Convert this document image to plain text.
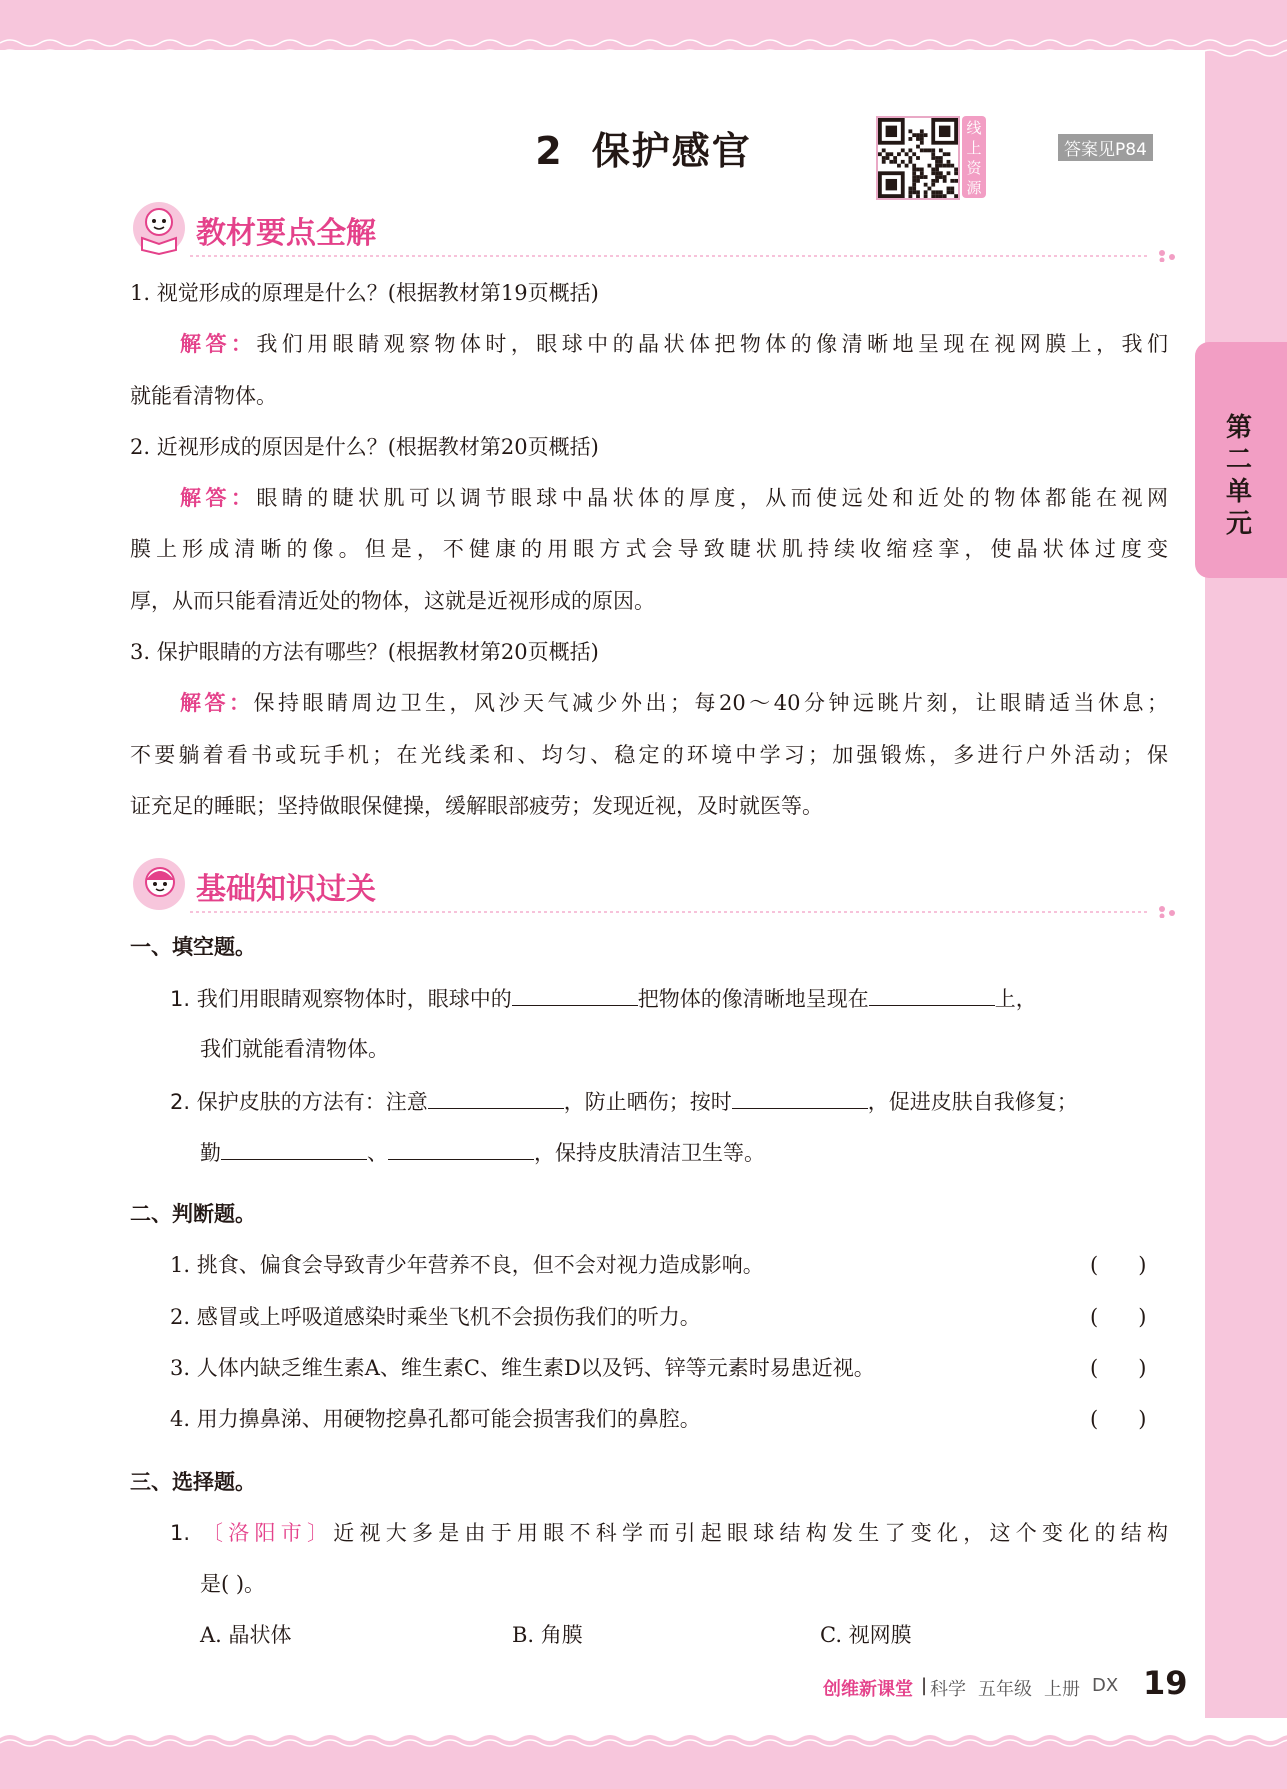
第二单元
2 保护感官
线上资源
答案见P84
教材要点全解
1. 视觉形成的原理是什么？(根据教材第19页概括)
解答：我们用眼睛观察物体时，眼球中的晶状体把物体的像清晰地呈现在视网膜上，我们
就能看清物体。
2. 近视形成的原因是什么？(根据教材第20页概括)
解答：眼睛的睫状肌可以调节眼球中晶状体的厚度，从而使远处和近处的物体都能在视网
膜上形成清晰的像。但是，不健康的用眼方式会导致睫状肌持续收缩痉挛，使晶状体过度变
厚，从而只能看清近处的物体，这就是近视形成的原因。
3. 保护眼睛的方法有哪些？(根据教材第20页概括)
解答：保持眼睛周边卫生，风沙天气减少外出；每20～40分钟远眺片刻，让眼睛适当休息；
不要躺着看书或玩手机；在光线柔和、均匀、稳定的环境中学习；加强锻炼，多进行户外活动；保
证充足的睡眠；坚持做眼保健操，缓解眼部疲劳；发现近视，及时就医等。
基础知识过关
一、填空题。
1. 我们用眼睛观察物体时，眼球中的	把物体的像清晰地呈现在	上，
我们就能看清物体。
2. 保护皮肤的方法有：注意	，防止晒伤；按时	，促进皮肤自我修复；
勤	、	，保持皮肤清洁卫生等。
二、判断题。
1. 挑食、偏食会导致青少年营养不良，但不会对视力造成影响。	(      )
2. 感冒或上呼吸道感染时乘坐飞机不会损伤我们的听力。	(      )
3. 人体内缺乏维生素A、维生素C、维生素D以及钙、锌等元素时易患近视。	(      )
4. 用力擤鼻涕、用硬物挖鼻孔都可能会损害我们的鼻腔。	(      )
三、选择题。
1. 〔洛阳市〕近视大多是由于用眼不科学而引起眼球结构发生了变化，这个变化的结构
是( )。
A. 晶状体	B. 角膜	C. 视网膜
创维新课堂 | 科学 五年级 上册 DX 19
